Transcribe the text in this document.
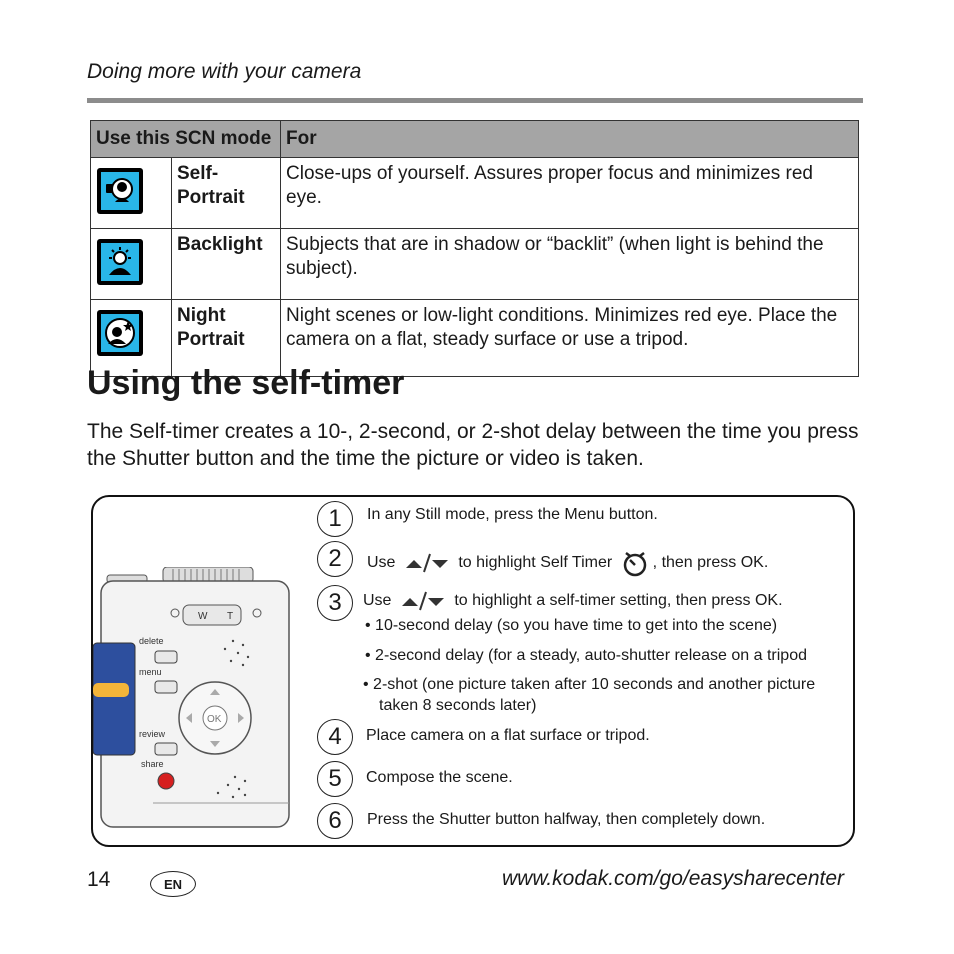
Doing more with your camera
Use this SCN mode		For

Self-
Portrait	Close-ups of yourself. Assures proper focus and minimizes red eye.

Backlight	Subjects that are in shadow or “backlit” (when light is behind the subject).

Night
Portrait	Night scenes or low-light conditions. Minimizes red eye. Place the camera on a flat, steady surface or use a tripod.
Using the self-timer
The Self-timer creates a 10-, 2-second, or 2-shot delay between the time you press the Shutter button and the time the picture or video is taken.
W T
delete
menu
review
share
OK
1	In any Still mode, press the Menu button.
2	Use	to highlight Self Timer	, then press OK.
3	Use	to highlight a self-timer setting, then press OK.
• 10-second delay (so you have time to get into the scene)
• 2-second delay (for a steady, auto-shutter release on a tripod
• 2-shot (one picture taken after 10 seconds and another picture
taken 8 seconds later)
4	Place camera on a flat surface or tripod.
5	Compose the scene.
6	Press the Shutter button halfway, then completely down.
14	EN	www.kodak.com/go/easysharecenter
